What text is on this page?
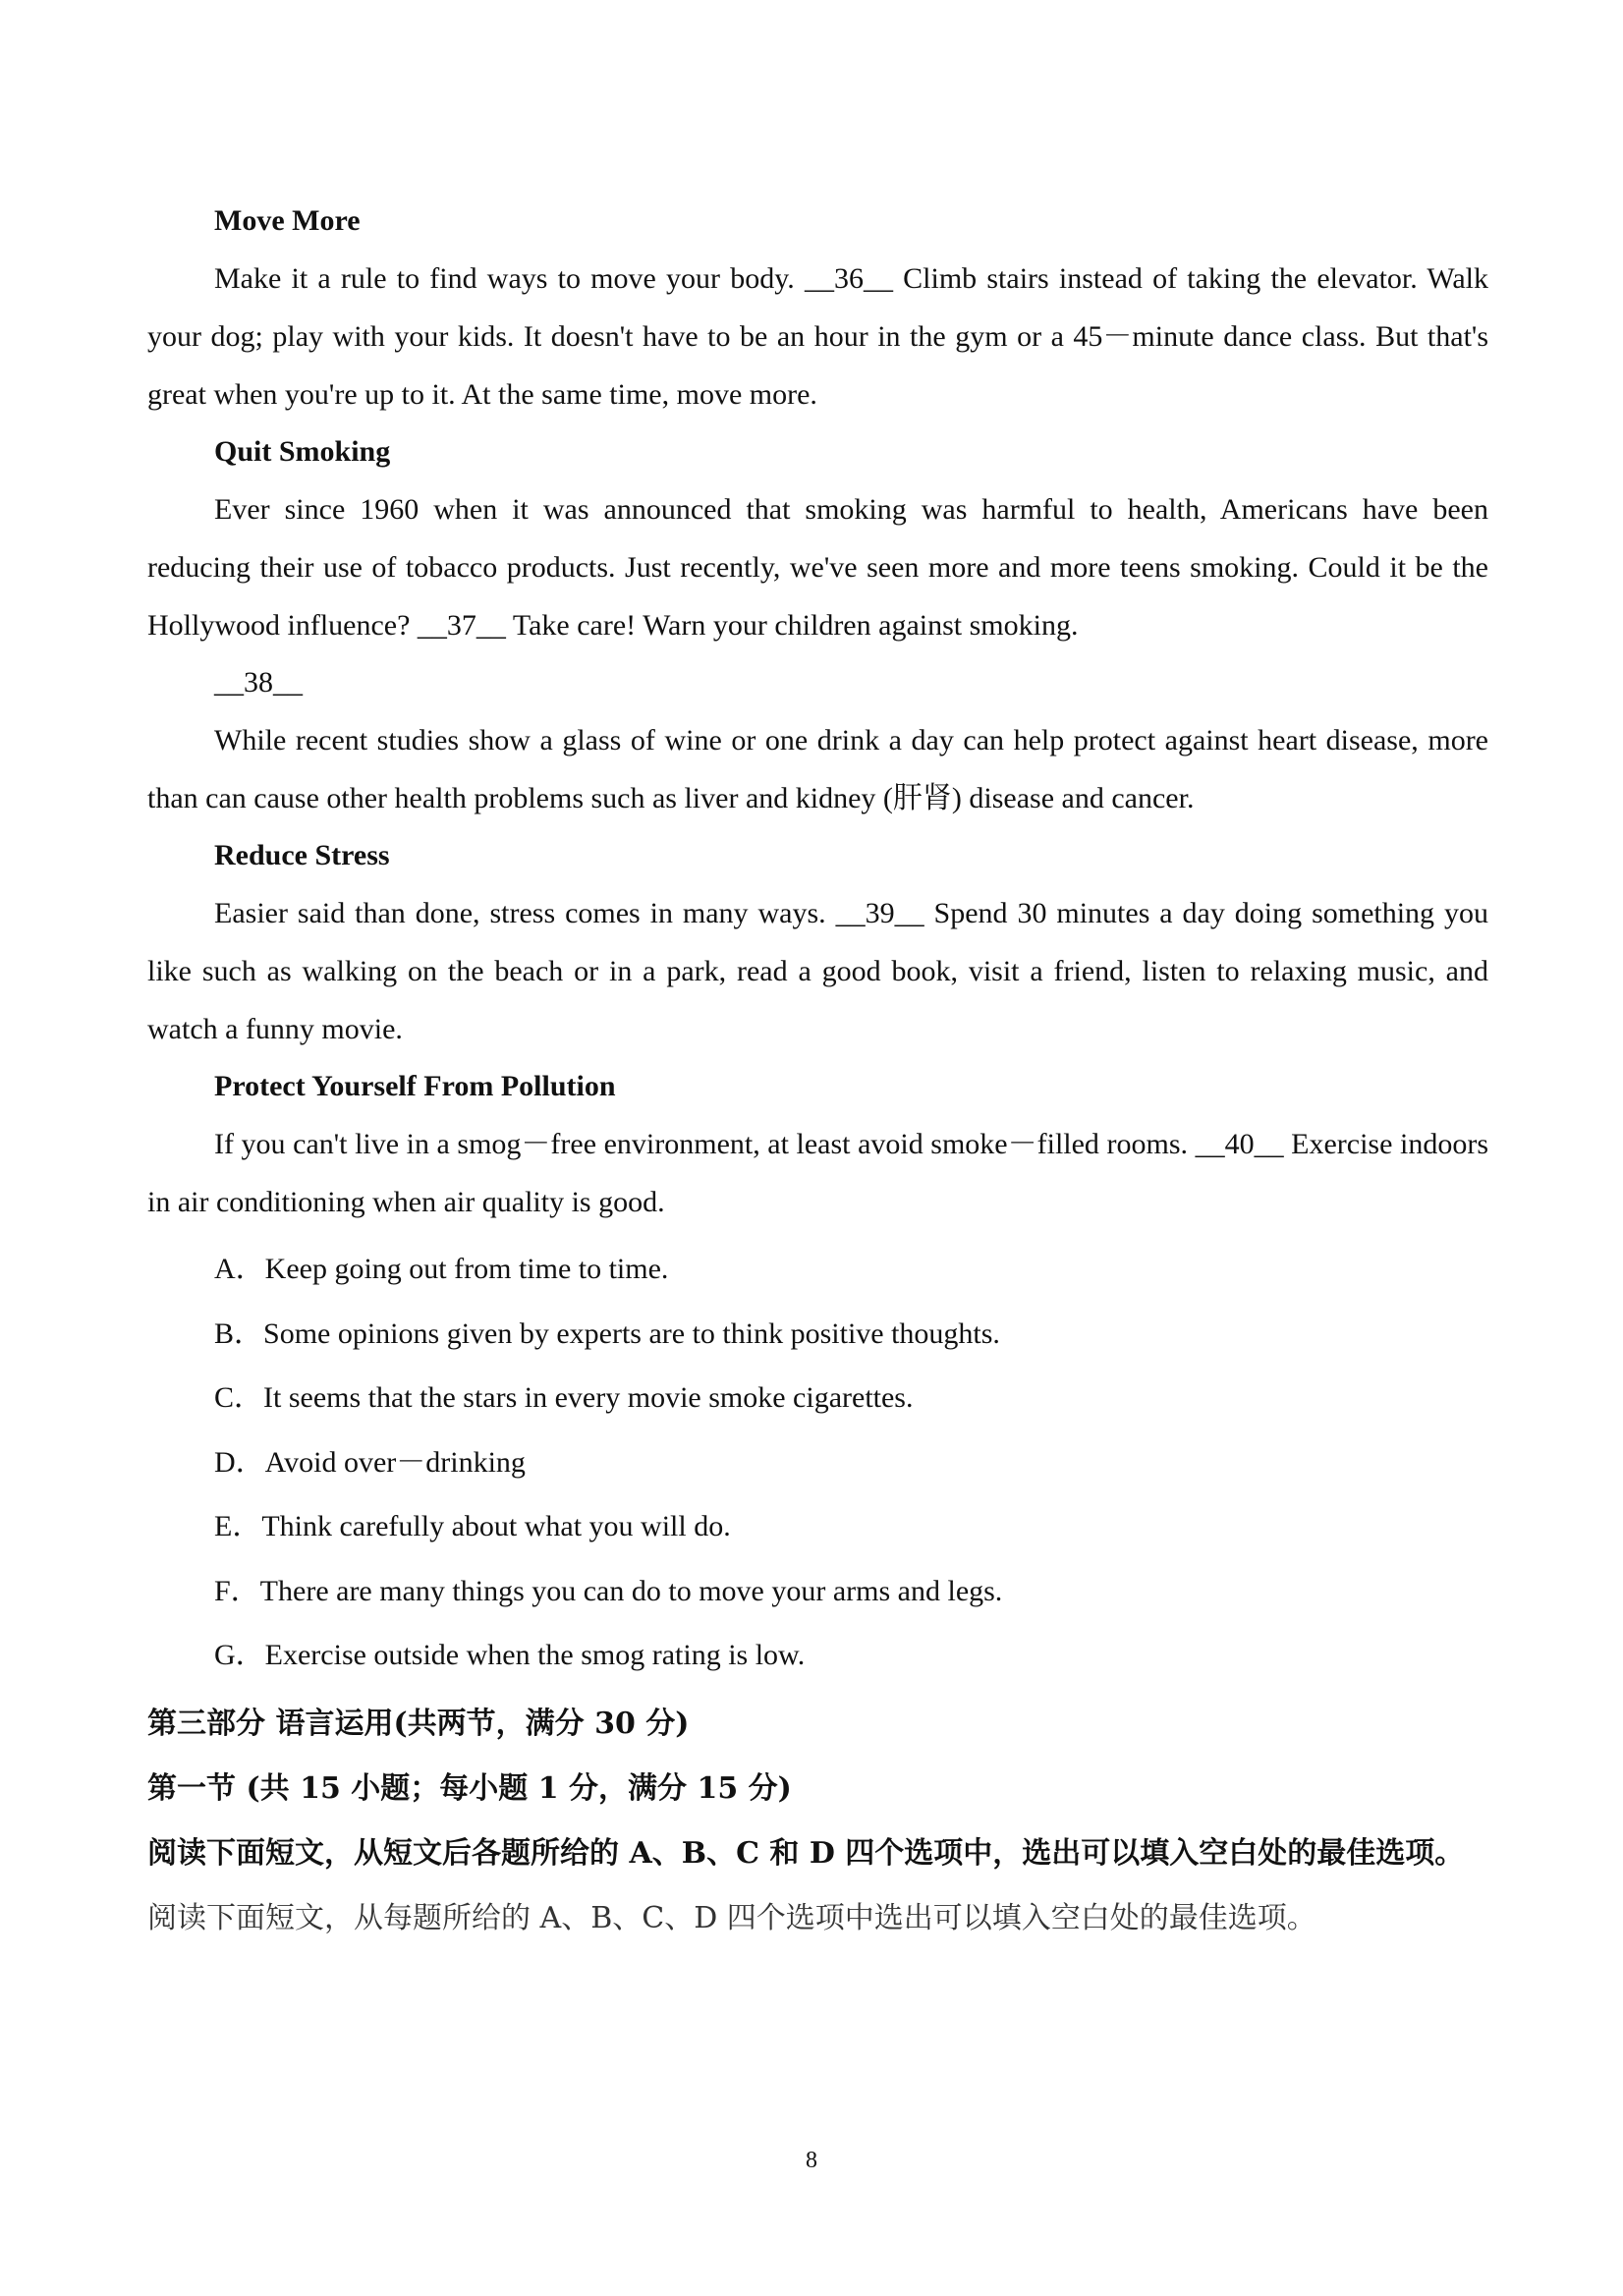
Move More

Make it a rule to find ways to move your body. __36__ Climb stairs instead of taking the elevator. Walk your dog; play with your kids. It doesn't have to be an hour in the gym or a 45－minute dance class. But that's great when you're up to it. At the same time, move more.

Quit Smoking

Ever since 1960 when it was announced that smoking was harmful to health, Americans have been reducing their use of tobacco products. Just recently, we've seen more and more teens smoking. Could it be the Hollywood influence? __37__ Take care! Warn your children against smoking.

__38__

While recent studies show a glass of wine or one drink a day can help protect against heart disease, more than can cause other health problems such as liver and kidney (肝肾) disease and cancer.

Reduce Stress

Easier said than done, stress comes in many ways. __39__ Spend 30 minutes a day doing something you like such as walking on the beach or in a park, read a good book, visit a friend, listen to relaxing music, and watch a funny movie.

Protect Yourself From Pollution

If you can't live in a smog－free environment, at least avoid smoke－filled rooms. __40__ Exercise indoors in air conditioning when air quality is good.

A．Keep going out from time to time.
B．Some opinions given by experts are to think positive thoughts.
C．It seems that the stars in every movie smoke cigarettes.
D．Avoid over－drinking
E．Think carefully about what you will do.
F．There are many things you can do to move your arms and legs.
G．Exercise outside when the smog rating is low.
第三部分 语言运用(共两节，满分 30 分)
第一节 (共 15 小题；每小题 1 分，满分 15 分)

阅读下面短文，从短文后各题所给的 A、B、C 和 D 四个选项中，选出可以填入空白处的最佳选项。

阅读下面短文，从每题所给的 A、B、C、D 四个选项中选出可以填入空白处的最佳选项。
8
